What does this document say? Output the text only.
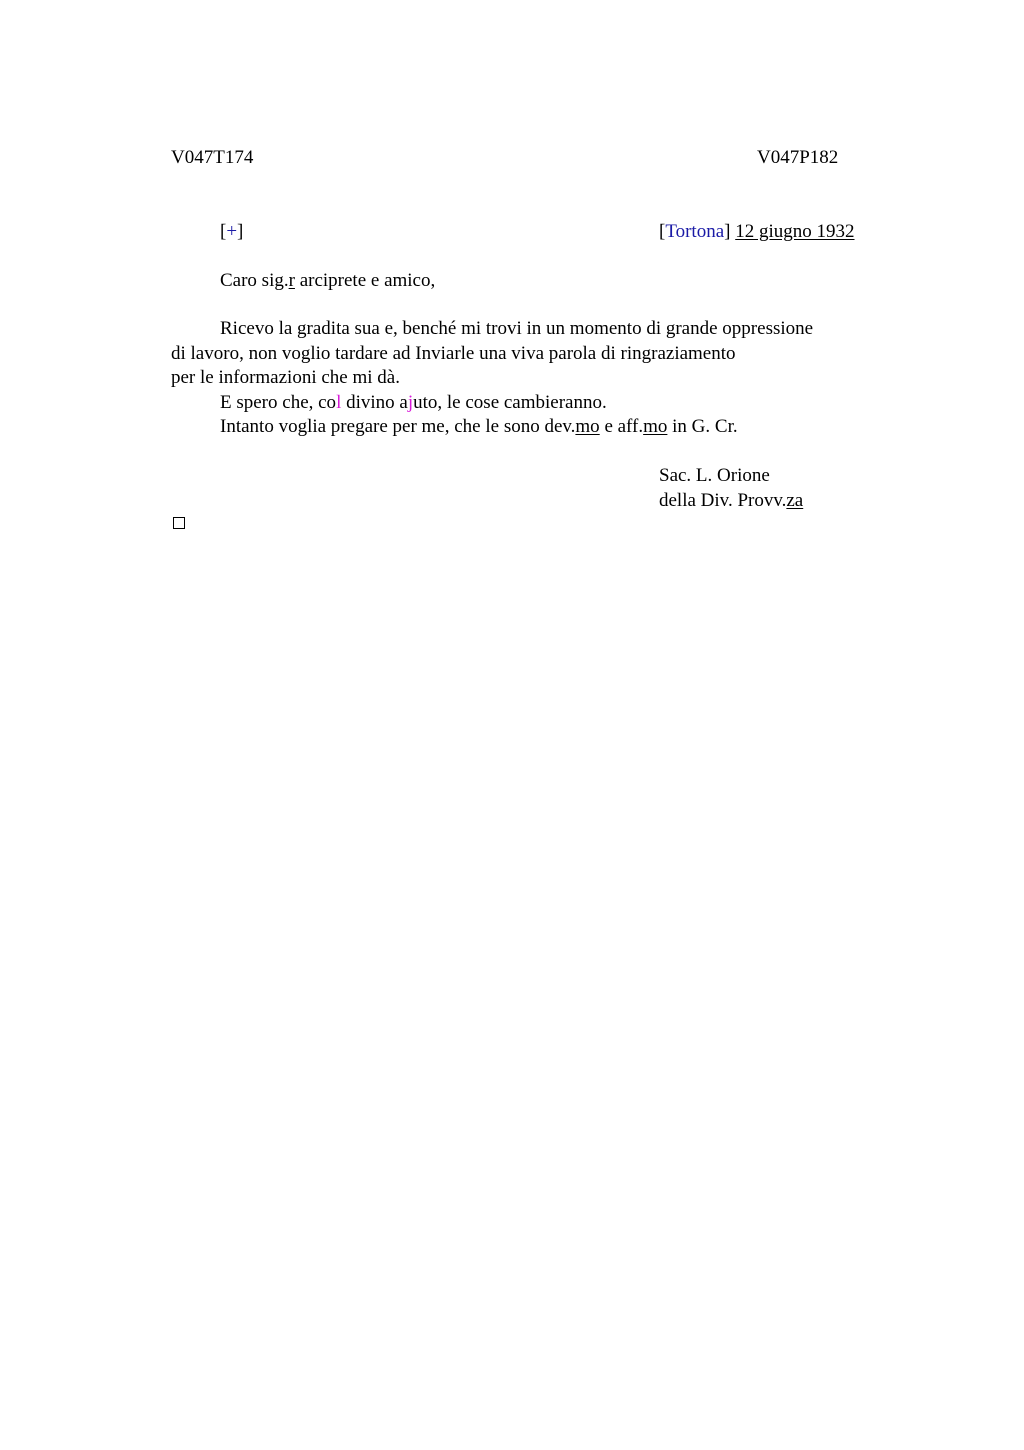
V047T174	V047P182
[+]	[Tortona] 12 giugno 1932
Caro sig.r arciprete e amico,
Ricevo la gradita sua e, benché mi trovi in un momento di grande oppressione
di lavoro, non voglio tardare ad Inviarle una viva parola di ringraziamento
per le informazioni che mi dà.
E spero che, col divino ajuto, le cose cambieranno.
Intanto voglia pregare per me, che le sono dev.mo e aff.mo in G. Cr.
Sac. L. Orione
della Div. Provv.za
